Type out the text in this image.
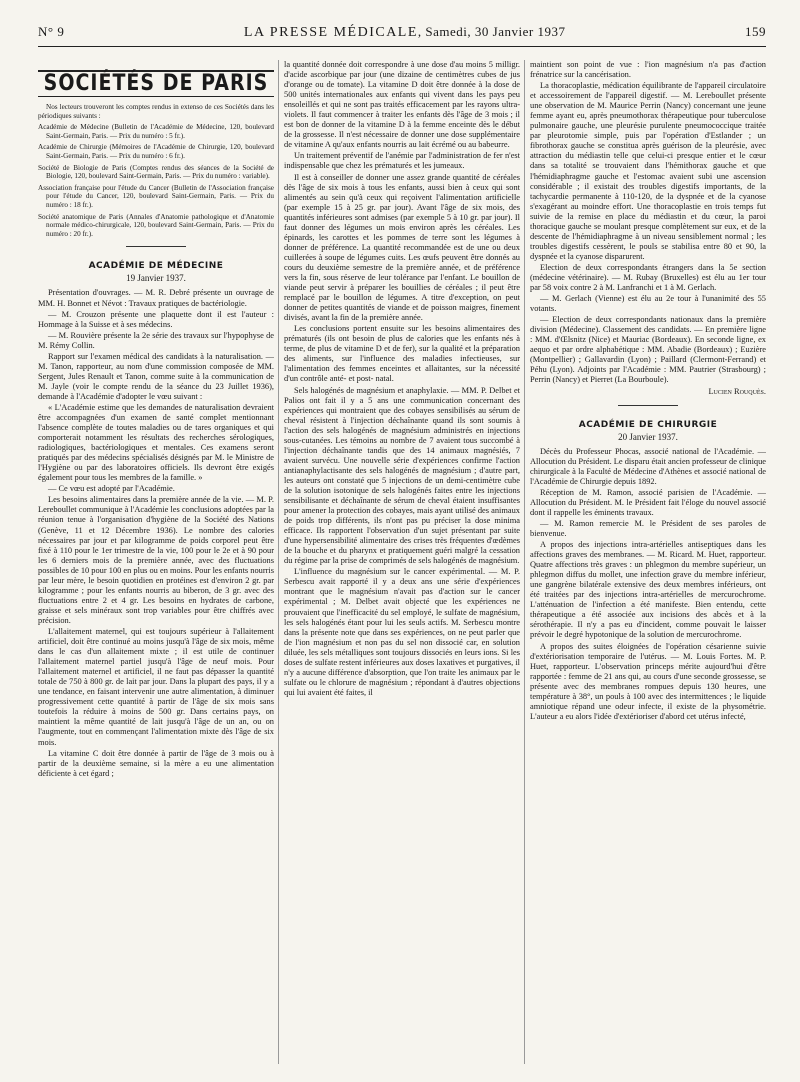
N° 9	LA PRESSE MÉDICALE, Samedi, 30 Janvier 1937	159
SOCIÉTÉS DE PARIS

Nos lecteurs trouveront les comptes rendus in extenso de ces Sociétés dans les périodiques suivants :

Académie de Médecine (Bulletin de l'Académie de Médecine, 120, boulevard Saint-Germain, Paris. — Prix du numéro : 5 fr.).

Académie de Chirurgie (Mémoires de l'Académie de Chirurgie, 120, boulevard Saint-Germain, Paris. — Prix du numéro : 6 fr.).

Société de Biologie de Paris (Comptes rendus des séances de la Société de Biologie, 120, boulevard Saint-Germain, Paris. — Prix du numéro : variable).

Association française pour l'étude du Cancer (Bulletin de l'Association française pour l'étude du Cancer, 120, boulevard Saint-Germain, Paris. — Prix du numéro : 18 fr.).

Société anatomique de Paris (Annales d'Anatomie pathologique et d'Anatomie normale médico-chirurgicale, 120, boulevard Saint-Germain, Paris. — Prix du numéro : 20 fr.).

ACADÉMIE DE MÉDECINE
19 Janvier 1937.

Présentation d'ouvrages. — M. R. Debré présente un ouvrage de MM. H. Bonnet et Névot : Travaux pratiques de bactériologie.

— M. Crouzon présente une plaquette dont il est l'auteur : Hommage à la Suisse et à ses médecins.

— M. Rouvière présente la 2e série des travaux sur l'hypophyse de M. Rémy Collin.

Rapport sur l'examen médical des candidats à la naturalisation. — M. Tanon, rapporteur, au nom d'une commission composée de MM. Sergent, Jules Renault et Tanon, comme suite à la communication de M. Jayle (voir le compte rendu de la séance du 23 Juillet 1936), demande à l'Académie d'adopter le vœu suivant :

« L'Académie estime que les demandes de naturalisation devraient être accompagnées d'un examen de santé complet mentionnant l'absence complète de toutes maladies ou de tares organiques et qui comporterait notamment les résultats des recherches sérologiques, radiologiques, bactériologiques et mentales. Ces examens seront pratiqués par des médecins spécialisés désignés par M. le Ministre de l'Hygiène ou par des laboratoires officiels. Ils devront être exigés également pour tous les membres de la famille. »

— Ce vœu est adopté par l'Académie.

Les besoins alimentaires dans la première année de la vie. — M. P. Lereboullet communique à l'Académie les conclusions adoptées par la réunion tenue à l'organisation d'hygiène de la Société des Nations (Genève, 11 et 12 Décembre 1936). Le nombre des calories nécessaires par jour et par kilogramme de poids corporel peut être fixé à 110 pour le 1er trimestre de la vie, 100 pour le 2e et à 90 pour les 6 derniers mois de la première année, avec des fluctuations possibles de 10 pour 100 en plus ou en moins. Pour les enfants nourris par leur mère, le besoin quotidien en protéines est d'environ 2 gr. par kilogramme ; pour les enfants nourris au biberon, de 3 gr. avec des fluctuations entre 2 et 4 gr. Les besoins en hydrates de carbone, graisse et sels minéraux sont trop variables pour être chiffrés avec précision.

L'allaitement maternel, qui est toujours supérieur à l'allaitement artificiel, doit être continué au moins jusqu'à l'âge de six mois, même dans le cas d'un allaitement mixte ; il est utile de continuer l'allaitement maternel partiel jusqu'à l'âge de neuf mois. Pour l'allaitement maternel et artificiel, il ne faut pas dépasser la quantité totale de 750 à 800 gr. de lait par jour. Dans la plupart des pays, il y a une tendance, en faisant intervenir une autre alimentation, à diminuer progressivement cette quantité à partir de l'âge de six mois sans toutefois la réduire à moins de 500 gr. Dans certains pays, on maintient la même quantité de lait jusqu'à l'âge de un an, ou on l'augmente, tout en commençant l'alimentation mixte dès l'âge de six mois.

La vitamine C doit être donnée à partir de l'âge de 3 mois ou à partir de la deuxième semaine, si la mère a eu une alimentation déficiente à cet égard ;

la quantité donnée doit correspondre à une dose d'au moins 5 milligr. d'acide ascorbique par jour (une dizaine de centimètres cubes de jus d'orange ou de tomate). La vitamine D doit être donnée à la dose de 500 unités internationales aux enfants qui vivent dans les pays peu ensoleillés et qui ne sont pas traités efficacement par les rayons ultra-violets. Il faut commencer à traiter les enfants dès l'âge de 3 mois ; il est bon de donner de la vitamine D à la femme enceinte dès le début de la grossesse. Il n'est nécessaire de donner une dose supplémentaire de vitamine A qu'aux enfants nourris au lait écrémé ou au babeurre.

Un traitement préventif de l'anémie par l'administration de fer n'est indispensable que chez les prématurés et les jumeaux.

Il est à conseiller de donner une assez grande quantité de céréales dès l'âge de six mois à tous les enfants, aussi bien à ceux qui sont alimentés au sein qu'à ceux qui reçoivent l'alimentation artificielle (par exemple 15 à 25 gr. par jour). Avant l'âge de six mois, des quantités inférieures sont admises (par exemple 5 à 10 gr. par jour). Il faut donner des légumes un mois environ après les céréales. Les épinards, les carottes et les pommes de terre sont les légumes à donner de préférence. La quantité recommandée est de une ou deux cuillerées à soupe de légumes cuits. Les œufs peuvent être donnés au cours du deuxième semestre de la première année, et de préférence vers la fin, sous réserve de leur tolérance par l'enfant. Le bouillon de viande peut servir à préparer les bouillies de céréales ; il peut être remplacé par le bouillon de légumes. A titre d'exception, on peut donner de petites quantités de viande et de poisson maigres, finement divisés, avant la fin de la première année.

Les conclusions portent ensuite sur les besoins alimentaires des prématurés (ils ont besoin de plus de calories que les enfants nés à terme, de plus de vitamine D et de fer), sur la qualité et la préparation des aliments, sur l'influence des maladies infectieuses, sur l'alimentation des femmes enceintes et allaitantes, sur la nécessité d'un contrôle anté- et post- natal.

Sels halogénés de magnésium et anaphylaxie. — MM. P. Delbet et Palios ont fait il y a 5 ans une communication concernant des expériences qui montraient que des cobayes sensibilisés au sérum de cheval résistent à l'injection déchaînante quand ils sont soumis à l'action des sels halogénés de magnésium administrés en injections sous-cutanées. Les témoins au nombre de 7 avaient tous succombé à l'injection déchaînante tandis que des 14 animaux magnésiés, 7 avaient survécu. Une nouvelle série d'expériences confirme l'action antianaphylactisante des sels halogénés de magnésium ; d'autre part, les auteurs ont constaté que 5 injections de un demi-centimètre cube de la solution isotonique de sels halogénés faites entre les injections sensibilisante et déchaînante de sérum de cheval étaient insuffisantes pour amener la protection des cobayes, mais ayant utilisé des animaux de poids trop différents, ils n'ont pas pu préciser la dose minima efficace. Ils rapportent l'observation d'un sujet présentant par suite d'une hypersensibilité alimentaire des crises très fréquentes d'œdèmes de la bouche et du pharynx et pratiquement guéri malgré la cessation du régime par la prise de comprimés de sels halogénés de magnésium.

L'influence du magnésium sur le cancer expérimental. — M. P. Serbescu avait rapporté il y a deux ans une série d'expériences montrant que le magnésium n'avait pas d'action sur le cancer expérimental ; M. Delbet avait objecté que les expériences ne prouvaient que l'inefficacité du sel employé, le sulfate de magnésium, les sels halogénés étant pour lui les seuls actifs. M. Serbescu montre dans la présente note que dans ses expériences, on ne peut parler que de l'ion magnésium et non pas du sel non dissocié car, en solution diluée, les sels métalliques sont toujours dissociés en leurs ions. Si les doses de sulfate restent inférieures aux doses laxatives et purgatives, il n'y a aucune différence d'absorption, que l'on traite les animaux par le sulfate ou le chlorure de magnésium ; répondant à d'autres objections qui lui avaient été faites, il

maintient son point de vue : l'ion magnésium n'a pas d'action frénatrice sur la cancérisation.

La thoracoplastie, médication équilibrante de l'appareil circulatoire et accessoirement de l'appareil digestif. — M. Lereboullet présente une observation de M. Maurice Perrin (Nancy) concernant une jeune femme ayant eu, après pneumothorax thérapeutique pour tuberculose pulmonaire gauche, une pleurésie purulente pneumococcique traitée par pleurotomie simple, puis par l'opération d'Estlander ; un fibrothorax gauche se constitua après guérison de la pleurésie, avec attraction du médiastin telle que celui-ci presque entier et le cœur dans sa totalité se trouvaient dans l'hémithorax gauche et que l'hémidiaphragme gauche et l'estomac avaient subi une ascension considérable ; il existait des troubles digestifs importants, de la tachycardie permanente à 110-120, de la dyspnée et de la cyanose s'exagérant au moindre effort. Une thoracoplastie en trois temps fut suivie de la remise en place du médiastin et du cœur, la paroi thoracique gauche se moulant presque complètement sur eux, et de la descente de l'hémidiaphragme à un niveau sensiblement normal ; les troubles digestifs cessèrent, le pouls se stabilisa entre 80 et 90, la dyspnée et la cyanose disparurent.

Election de deux correspondants étrangers dans la 5e section (médecine vétérinaire). — M. Rubay (Bruxelles) est élu au 1er tour par 58 voix contre 2 à M. Lanfranchi et 1 à M. Gerlach.

— M. Gerlach (Vienne) est élu au 2e tour à l'unanimité des 55 votants.

— Election de deux correspondants nationaux dans la première division (Médecine). Classement des candidats. — En première ligne : MM. d'Œlsnitz (Nice) et Mauriac (Bordeaux). En seconde ligne, ex aequo et par ordre alphabétique : MM. Abadie (Bordeaux) ; Euzière (Montpellier) ; Gallavardin (Lyon) ; Paillard (Clermont-Ferrand) et Péhu (Lyon). Adjoints par l'Académie : MM. Pautrier (Strasbourg) ; Perrin (Nancy) et Pierret (La Bourboule).

Lucien Rouquès.

ACADÉMIE DE CHIRURGIE
20 Janvier 1937.

Décès du Professeur Phocas, associé national de l'Académie. — Allocution du Président. Le disparu était ancien professeur de clinique chirurgicale à la Faculté de Médecine d'Athènes et associé national de l'Académie de Chirurgie depuis 1892.

Réception de M. Ramon, associé parisien de l'Académie. — Allocution du Président. M. le Président fait l'éloge du nouvel associé dont il rappelle les éminents travaux.

— M. Ramon remercie M. le Président de ses paroles de bienvenue.

A propos des injections intra-artérielles antiseptiques dans les affections graves des membranes. — M. Ricard. M. Huet, rapporteur. Quatre affections très graves : un phlegmon du membre supérieur, un phlegmon diffus du mollet, une infection grave du membre inférieur, une gangrène bilatérale extensive des deux membres inférieurs, ont été traitées par des injections intra-artérielles de mercurochrome. L'atténuation de l'infection a été manifeste. Bien entendu, cette thérapeutique a été associée aux incisions des abcès et à la sérothérapie. Il n'y a pas eu d'incident, comme pouvait le laisser prévoir le degré hypotonique de la solution de mercurochrome.

A propos des suites éloignées de l'opération césarienne suivie d'extériorisation temporaire de l'utérus. — M. Louis Fortes. M. P. Huet, rapporteur. L'observation princeps mérite aujourd'hui d'être rapportée : femme de 21 ans qui, au cours d'une seconde grossesse, se présente avec des membranes rompues depuis 130 heures, une température à 38°, un pouls à 100 avec des intermittences ; le liquide amniotique répand une odeur infecte, il existe de la physométrie. L'auteur a eu alors l'idée d'extérioriser d'abord cet utérus infecté,
